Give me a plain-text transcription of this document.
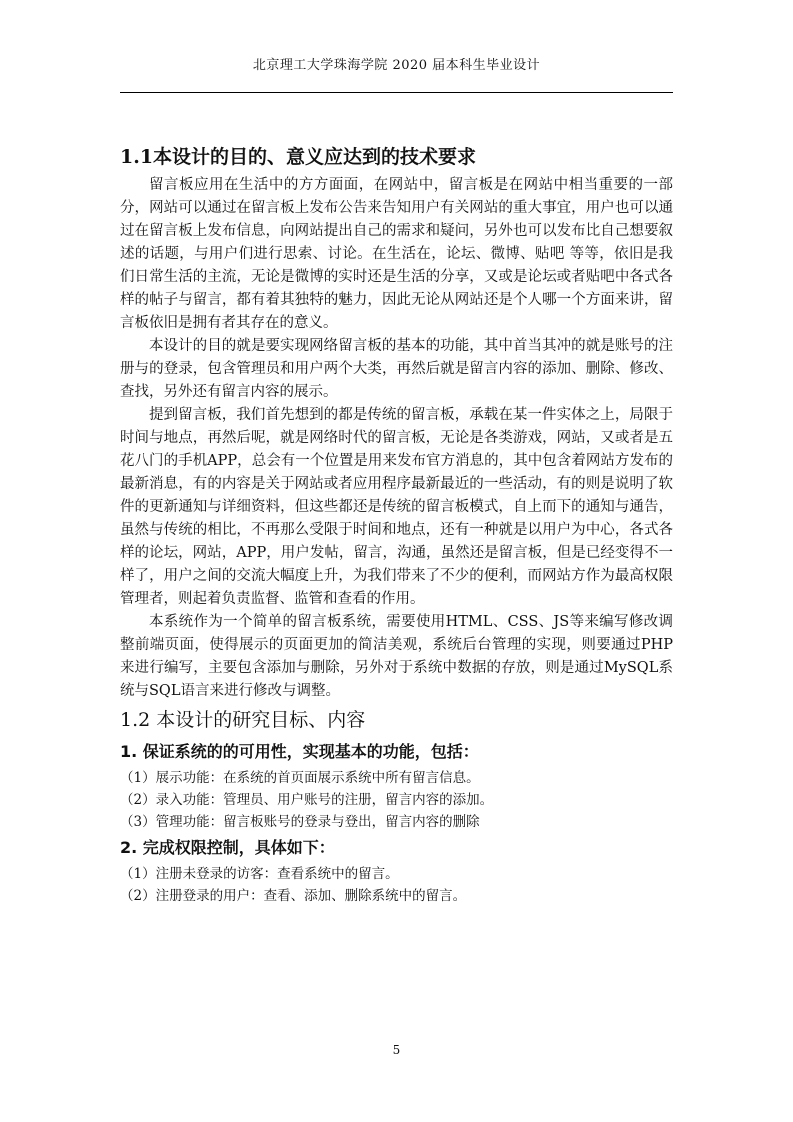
北京理工大学珠海学院 2020 届本科生毕业设计
1.1本设计的目的、意义应达到的技术要求

留言板应用在生活中的方方面面，在网站中，留言板是在网站中相当重要的一部分，网站可以通过在留言板上发布公告来告知用户有关网站的重大事宜，用户也可以通过在留言板上发布信息，向网站提出自己的需求和疑问，另外也可以发布比自己想要叙述的话题，与用户们进行思索、讨论。在生活在，论坛、微博、贴吧 等等，依旧是我们日常生活的主流，无论是微博的实时还是生活的分享，又或是论坛或者贴吧中各式各样的帖子与留言，都有着其独特的魅力，因此无论从网站还是个人哪一个方面来讲，留言板依旧是拥有者其存在的意义。

本设计的目的就是要实现网络留言板的基本的功能，其中首当其冲的就是账号的注册与的登录，包含管理员和用户两个大类，再然后就是留言内容的添加、删除、修改、查找，另外还有留言内容的展示。

提到留言板，我们首先想到的都是传统的留言板，承载在某一件实体之上，局限于时间与地点，再然后呢，就是网络时代的留言板，无论是各类游戏，网站，又或者是五花八门的手机APP，总会有一个位置是用来发布官方消息的，其中包含着网站方发布的最新消息，有的内容是关于网站或者应用程序最新最近的一些活动，有的则是说明了软件的更新通知与详细资料，但这些都还是传统的留言板模式，自上而下的通知与通告，虽然与传统的相比，不再那么受限于时间和地点，还有一种就是以用户为中心，各式各样的论坛，网站，APP，用户发帖，留言，沟通，虽然还是留言板，但是已经变得不一样了，用户之间的交流大幅度上升，为我们带来了不少的便利，而网站方作为最高权限管理者，则起着负责监督、监管和查看的作用。

本系统作为一个简单的留言板系统，需要使用HTML、CSS、JS等来编写修改调整前端页面，使得展示的页面更加的简洁美观，系统后台管理的实现，则要通过PHP来进行编写，主要包含添加与删除，另外对于系统中数据的存放，则是通过MySQL系统与SQL语言来进行修改与调整。

1.2 本设计的研究目标、内容
1. 保证系统的的可用性，实现基本的功能，包括：
（1）展示功能：在系统的首页面展示系统中所有留言信息。
（2）录入功能：管理员、用户账号的注册，留言内容的添加。
（3）管理功能：留言板账号的登录与登出，留言内容的删除
2. 完成权限控制，具体如下：
（1）注册未登录的访客：查看系统中的留言。
（2）注册登录的用户：查看、添加、删除系统中的留言。
5
